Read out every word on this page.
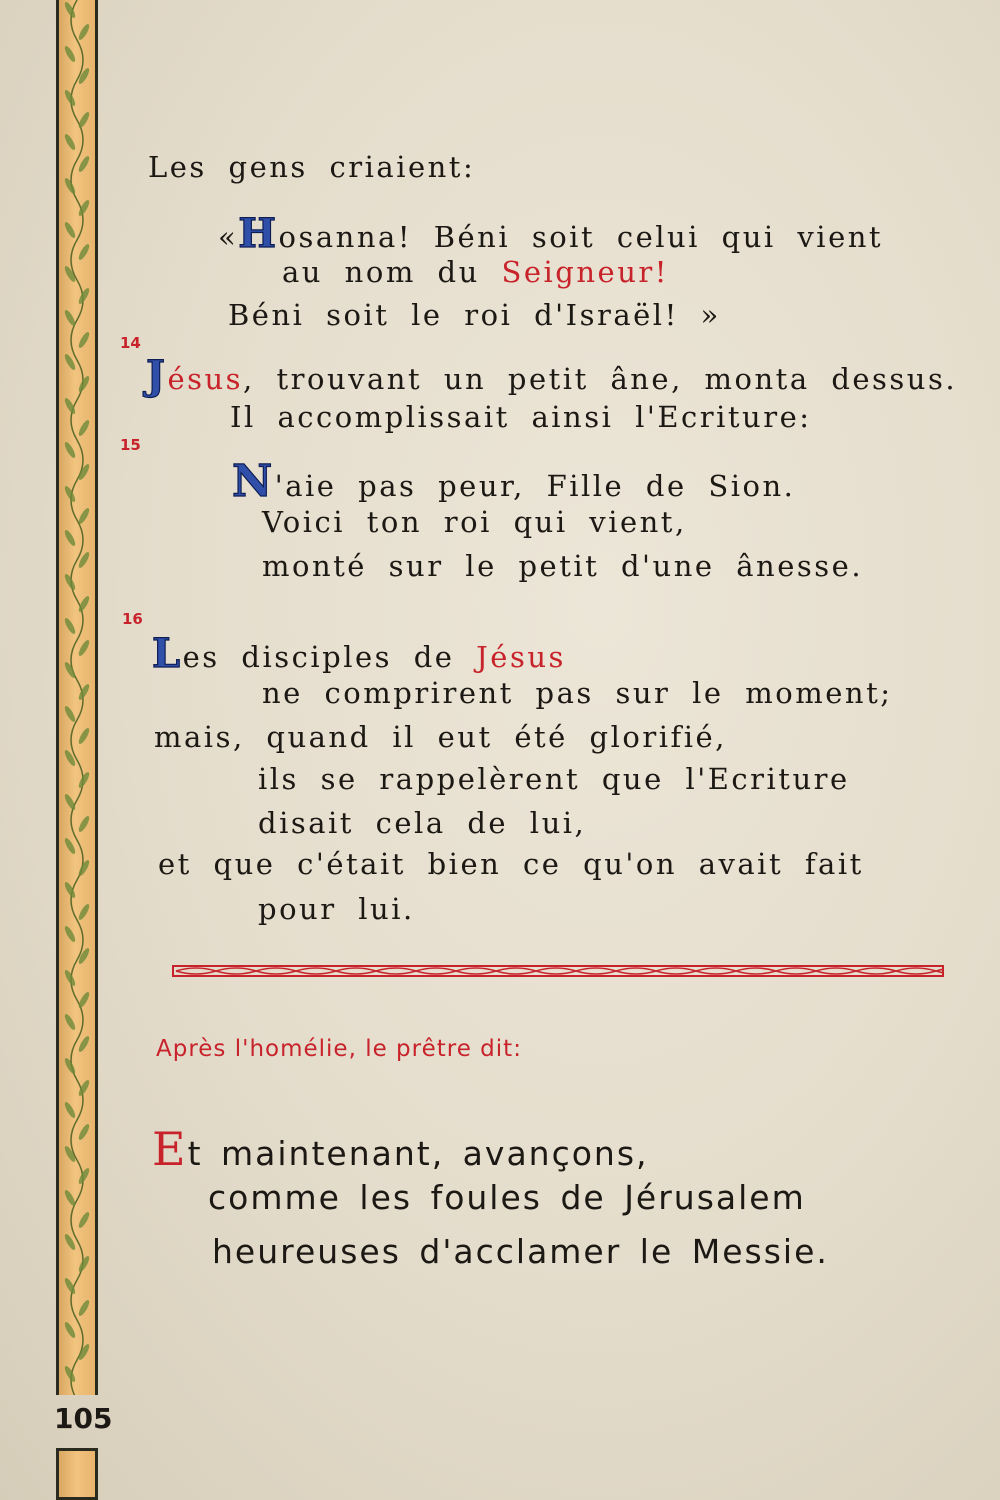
105
Les gens criaient:
«Hosanna! Béni soit celui qui vient
au nom du Seigneur!
Béni soit le roi d'Israël! »
14
Jésus, trouvant un petit âne, monta dessus.
Il accomplissait ainsi l'Ecriture:
15
N'aie pas peur, Fille de Sion.
Voici ton roi qui vient,
monté sur le petit d'une ânesse.
16
Les disciples de Jésus
ne comprirent pas sur le moment;
mais, quand il eut été glorifié,
ils se rappelèrent que l'Ecriture
disait cela de lui,
et que c'était bien ce qu'on avait fait
pour lui.
Après l'homélie, le prêtre dit:
Et maintenant, avançons,
comme les foules de Jérusalem
heureuses d'acclamer le Messie.
